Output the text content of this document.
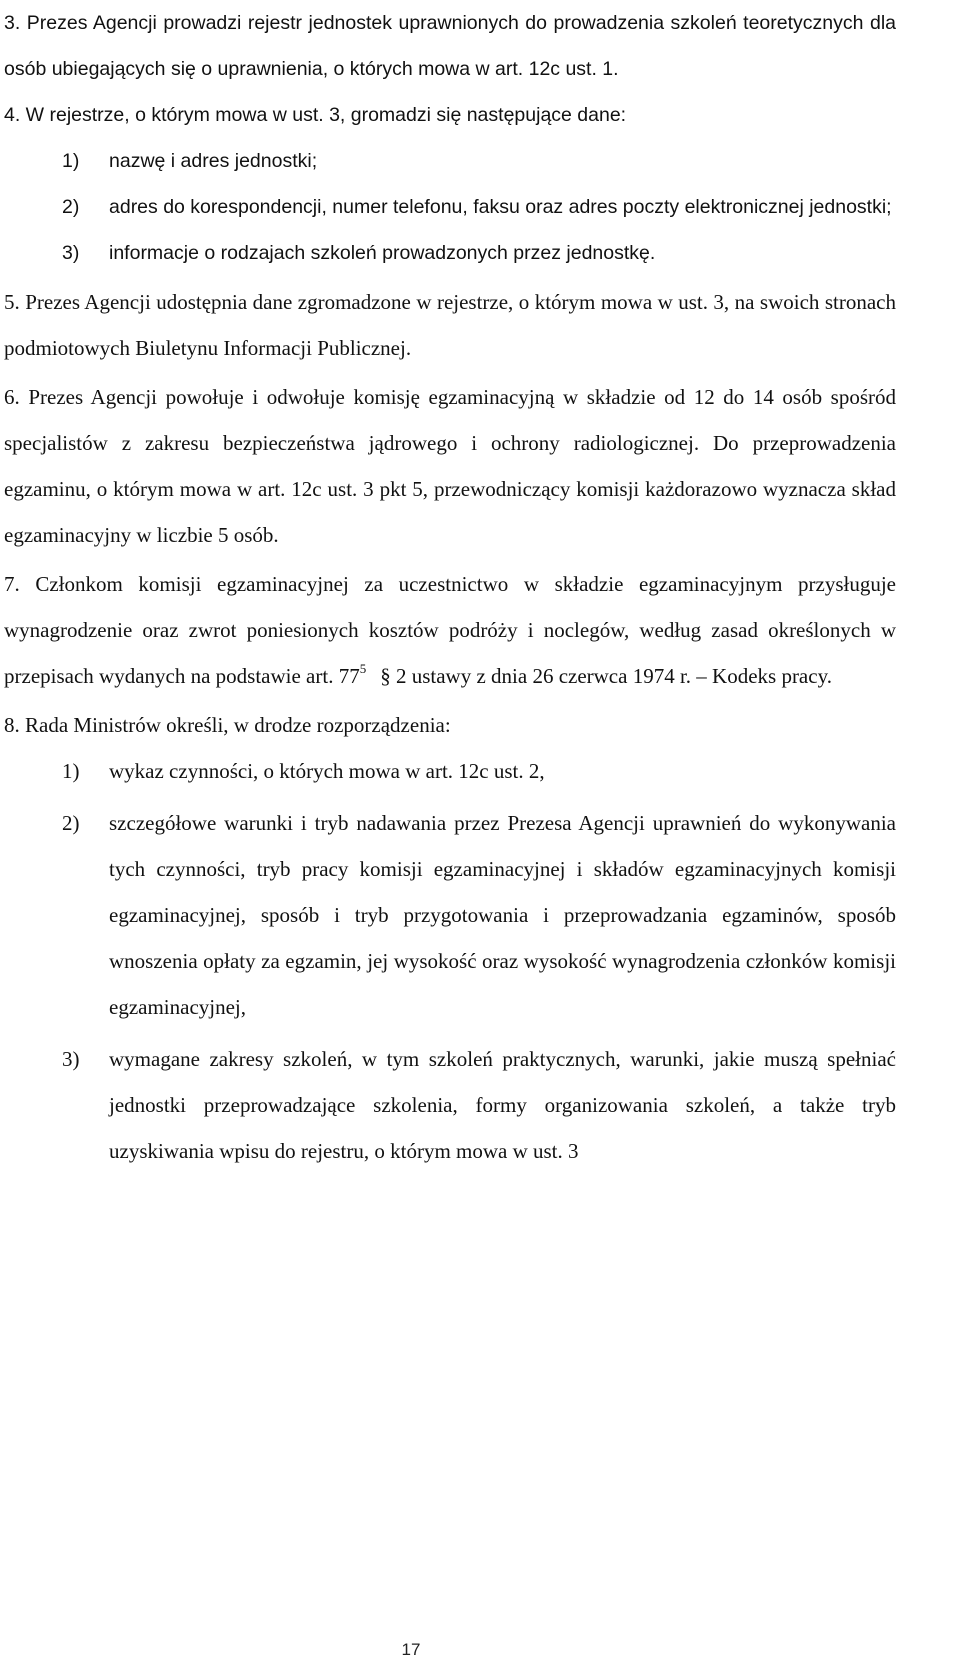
3. Prezes Agencji prowadzi rejestr jednostek uprawnionych do prowadzenia szkoleń teoretycznych dla osób ubiegających się o uprawnienia, o których mowa w art. 12c ust. 1.

4. W rejestrze, o którym mowa w ust. 3, gromadzi się następujące dane:

1) nazwę i adres jednostki;
2) adres do korespondencji, numer telefonu, faksu oraz adres poczty elektronicznej jednostki;
3) informacje o rodzajach szkoleń prowadzonych przez jednostkę.

5. Prezes Agencji udostępnia dane zgromadzone w rejestrze, o którym mowa w ust. 3, na swoich stronach podmiotowych Biuletynu Informacji Publicznej.

6. Prezes Agencji powołuje i odwołuje komisję egzaminacyjną w składzie od 12 do 14 osób spośród specjalistów z zakresu bezpieczeństwa jądrowego i ochrony radiologicznej. Do przeprowadzenia egzaminu, o którym mowa w art. 12c ust. 3 pkt 5, przewodniczący komisji każdorazowo wyznacza skład egzaminacyjny w liczbie 5 osób.

7. Członkom komisji egzaminacyjnej za uczestnictwo w składzie egzaminacyjnym przysługuje wynagrodzenie oraz zwrot poniesionych kosztów podróży i noclegów, według zasad określonych w przepisach wydanych na podstawie art. $77^5$ § 2 ustawy z dnia 26 czerwca 1974 r. – Kodeks pracy.

8. Rada Ministrów określi, w drodze rozporządzenia:

1) wykaz czynności, o których mowa w art. 12c ust. 2,
2) szczegółowe warunki i tryb nadawania przez Prezesa Agencji uprawnień do wykonywania tych czynności, tryb pracy komisji egzaminacyjnej i składów egzaminacyjnych komisji egzaminacyjnej, sposób i tryb przygotowania i przeprowadzania egzaminów, sposób wnoszenia opłaty za egzamin, jej wysokość oraz wysokość wynagrodzenia członków komisji egzaminacyjnej,
3) wymagane zakresy szkoleń, w tym szkoleń praktycznych, warunki, jakie muszą spełniać jednostki przeprowadzające szkolenia, formy organizowania szkoleń, a także tryb uzyskiwania wpisu do rejestru, o którym mowa w ust. 3
17
